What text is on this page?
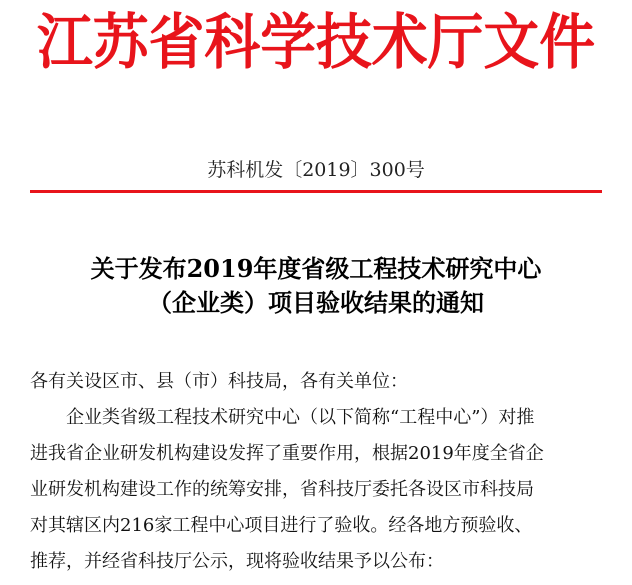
江苏省科学技术厅文件
苏科机发〔2019〕300号
关于发布2019年度省级工程技术研究中心
（企业类）项目验收结果的通知
各有关设区市、县（市）科技局，各有关单位：
企业类省级工程技术研究中心（以下简称“工程中心”）对推
进我省企业研发机构建设发挥了重要作用，根据2019年度全省企
业研发机构建设工作的统筹安排，省科技厅委托各设区市科技局
对其辖区内216家工程中心项目进行了验收。经各地方预验收、
推荐，并经省科技厅公示，现将验收结果予以公布：
